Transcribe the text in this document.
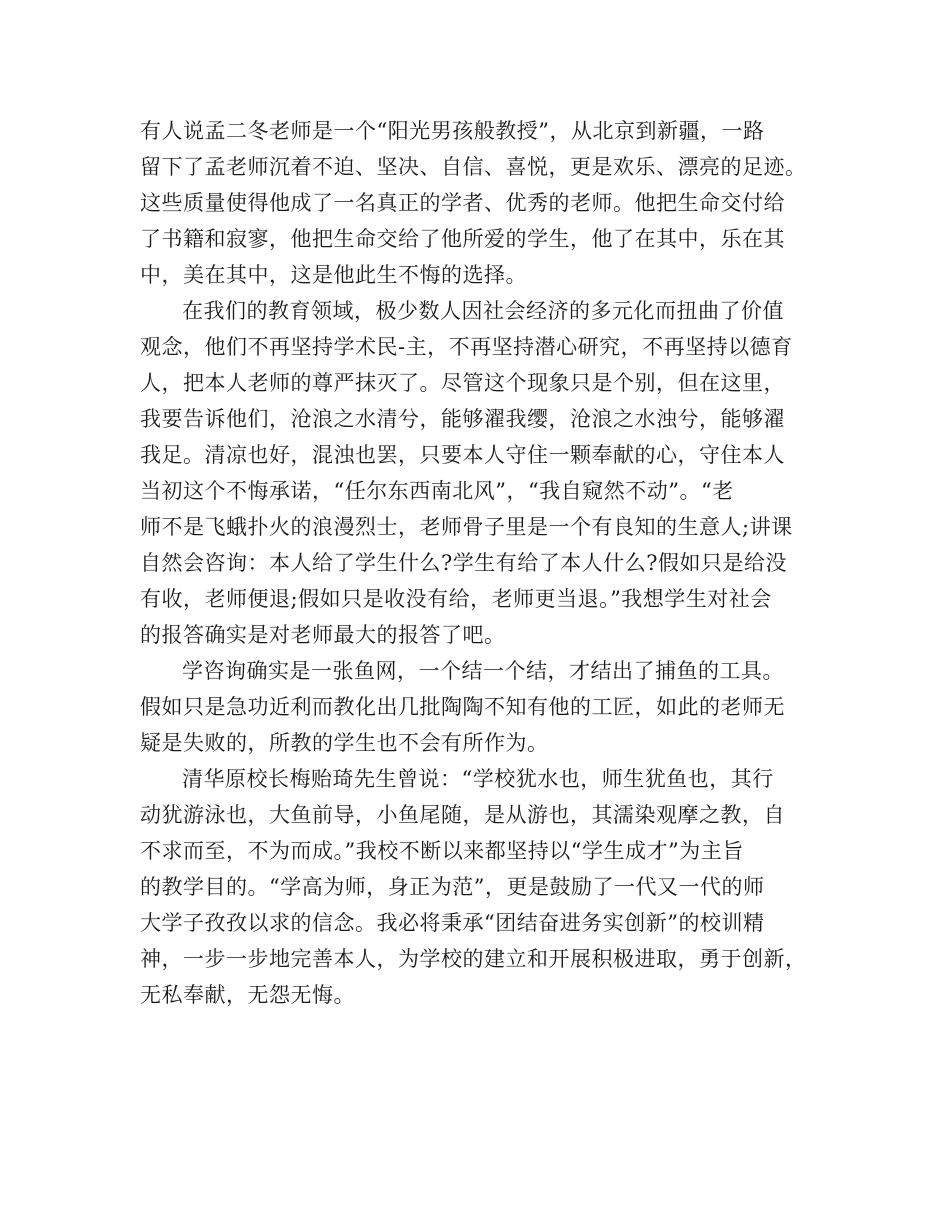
有人说孟二冬老师是一个“阳光男孩般教授”，从北京到新疆，一路
留下了孟老师沉着不迫、坚决、自信、喜悦，更是欢乐、漂亮的足迹。
这些质量使得他成了一名真正的学者、优秀的老师。他把生命交付给
了书籍和寂寥，他把生命交给了他所爱的学生，他了在其中，乐在其
中，美在其中，这是他此生不悔的选择。
在我们的教育领域，极少数人因社会经济的多元化而扭曲了价值
观念，他们不再坚持学术民-主，不再坚持潜心研究，不再坚持以德育
人，把本人老师的尊严抹灭了。尽管这个现象只是个别，但在这里，
我要告诉他们，沧浪之水清兮，能够濯我缨，沧浪之水浊兮，能够濯
我足。清凉也好，混浊也罢，只要本人守住一颗奉献的心，守住本人
当初这个不悔承诺，“任尔东西南北风”，“我自窥然不动”。“老
师不是飞蛾扑火的浪漫烈士，老师骨子里是一个有良知的生意人;讲课
自然会咨询：本人给了学生什么?学生有给了本人什么?假如只是给没
有收，老师便退;假如只是收没有给，老师更当退。”我想学生对社会
的报答确实是对老师最大的报答了吧。
学咨询确实是一张鱼网，一个结一个结，才结出了捕鱼的工具。
假如只是急功近利而教化出几批陶陶不知有他的工匠，如此的老师无
疑是失败的，所教的学生也不会有所作为。
清华原校长梅贻琦先生曾说：“学校犹水也，师生犹鱼也，其行
动犹游泳也，大鱼前导，小鱼尾随，是从游也，其濡染观摩之教，自
不求而至，不为而成。”我校不断以来都坚持以“学生成才”为主旨
的教学目的。“学高为师，身正为范”，更是鼓励了一代又一代的师
大学子孜孜以求的信念。我必将秉承“团结奋进务实创新”的校训精
神，一步一步地完善本人，为学校的建立和开展积极进取，勇于创新，
无私奉献，无怨无悔。
